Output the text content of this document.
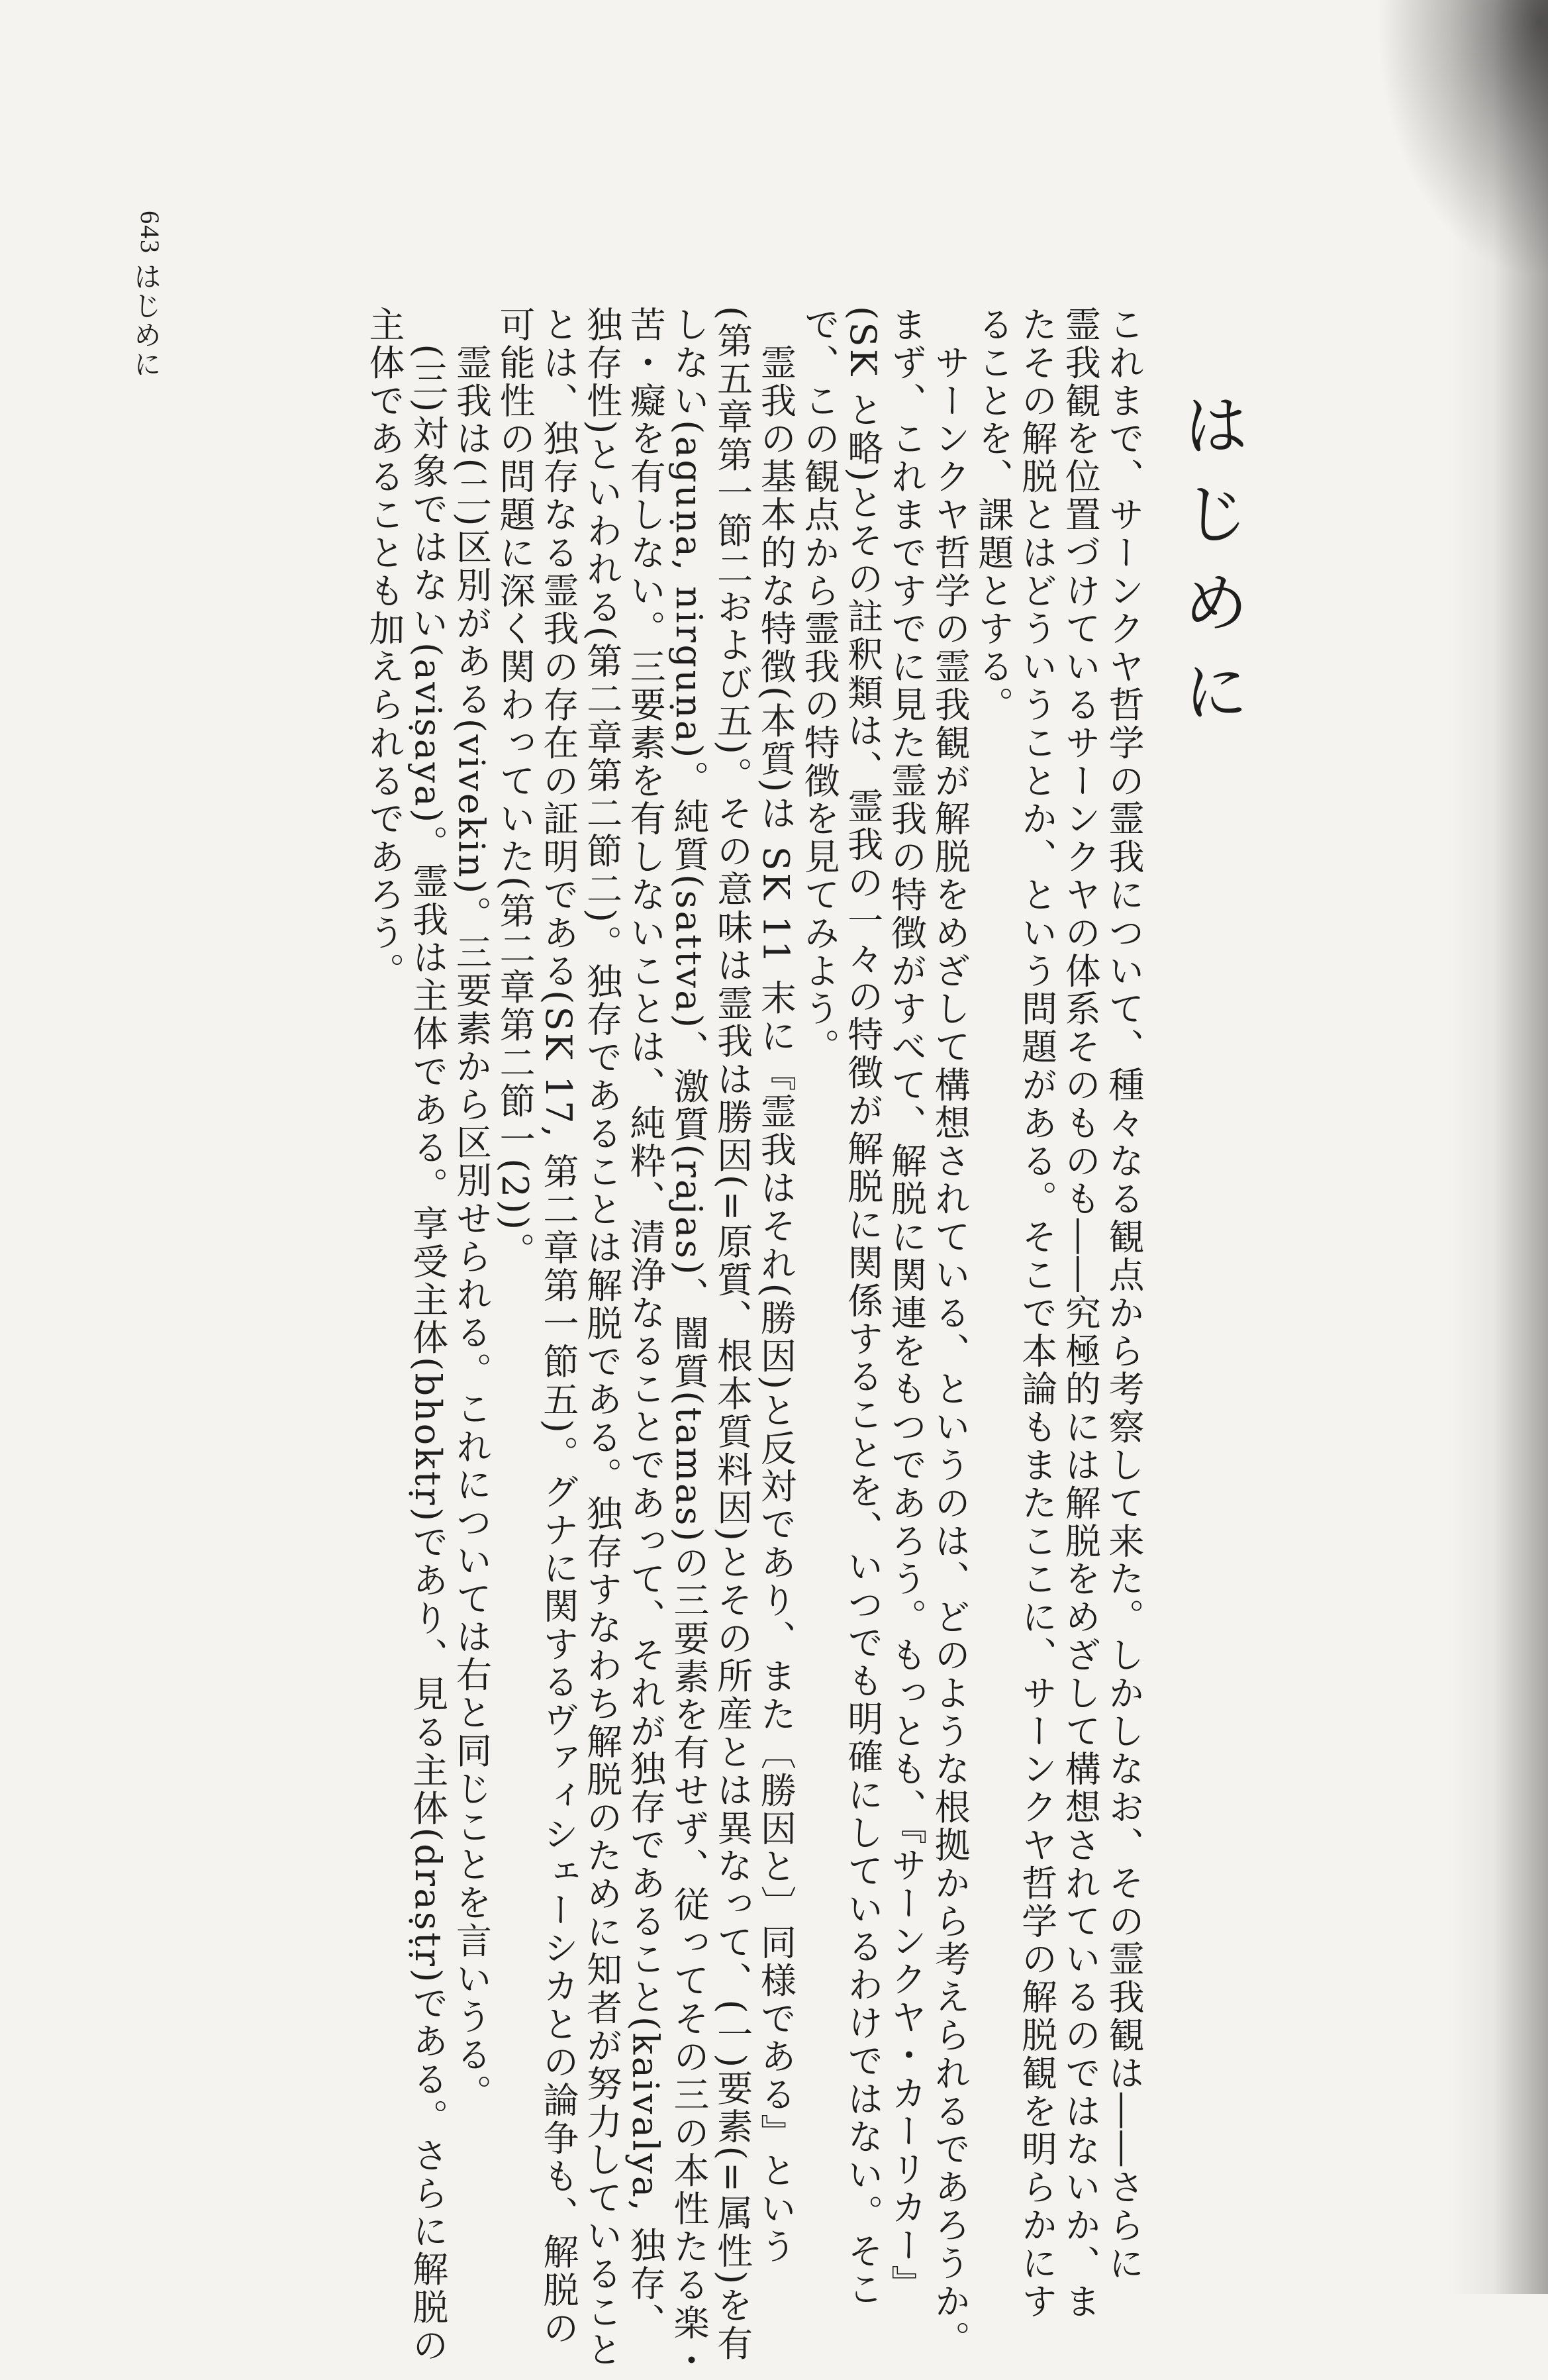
643
はじめに
はじめに

これまで、サーンクヤ哲学の霊我について、種々なる観点から考察して来た。しかしなお、その霊我観は――さらに

霊我観を位置づけているサーンクヤの体系そのものも――究極的には解脱をめざして構想されているのではないか、ま

たその解脱とはどういうことか、という問題がある。そこで本論もまたここに、サーンクヤ哲学の解脱観を明らかにす

ることを、課題とする。

　サーンクヤ哲学の霊我観が解脱をめざして構想されている、というのは、どのような根拠から考えられるであろうか。

まず、これまですでに見た霊我の特徴がすべて、解脱に関連をもつであろう。もっとも、『サーンクヤ・カーリカー』

(SK と略)とその註釈類は、霊我の一々の特徴が解脱に関係することを、いつでも明確にしているわけではない。そこ

で、この観点から霊我の特徴を見てみよう。

　霊我の基本的な特徴(本質)は SK 11 末に『霊我はそれ(勝因)と反対であり、また〔勝因と〕同様である』という

(第五章第一節二および五)。その意味は霊我は勝因(=原質、根本質料因)とその所産とは異なって、(一)要素(=属性)を有

しない(aguṇa, nirguṇa)。純質(sattva)、激質(rajas)、闇質(tamas)の三要素を有せず、従ってその三の本性たる楽・

苦・癡を有しない。三要素を有しないことは、純粋、清浄なることであって、それが独存であること(kaivalya, 独存、

独存性)といわれる(第二章第二節二)。独存であることは解脱である。独存すなわち解脱のために知者が努力していること

とは、独存なる霊我の存在の証明である(SK 17, 第二章第一節五)。グナに関するヴァィシェーシカとの論争も、解脱の

可能性の問題に深く関わっていた(第二章第二節一(2))。

　霊我は(二)区別がある(vivekin)。三要素から区別せられる。これについては右と同じことを言いうる。

　(三)対象ではない(aviṣaya)。霊我は主体である。享受主体(bhoktṛ)であり、見る主体(draṣṭṛ)である。さらに解脱の

主体であることも加えられるであろう。
